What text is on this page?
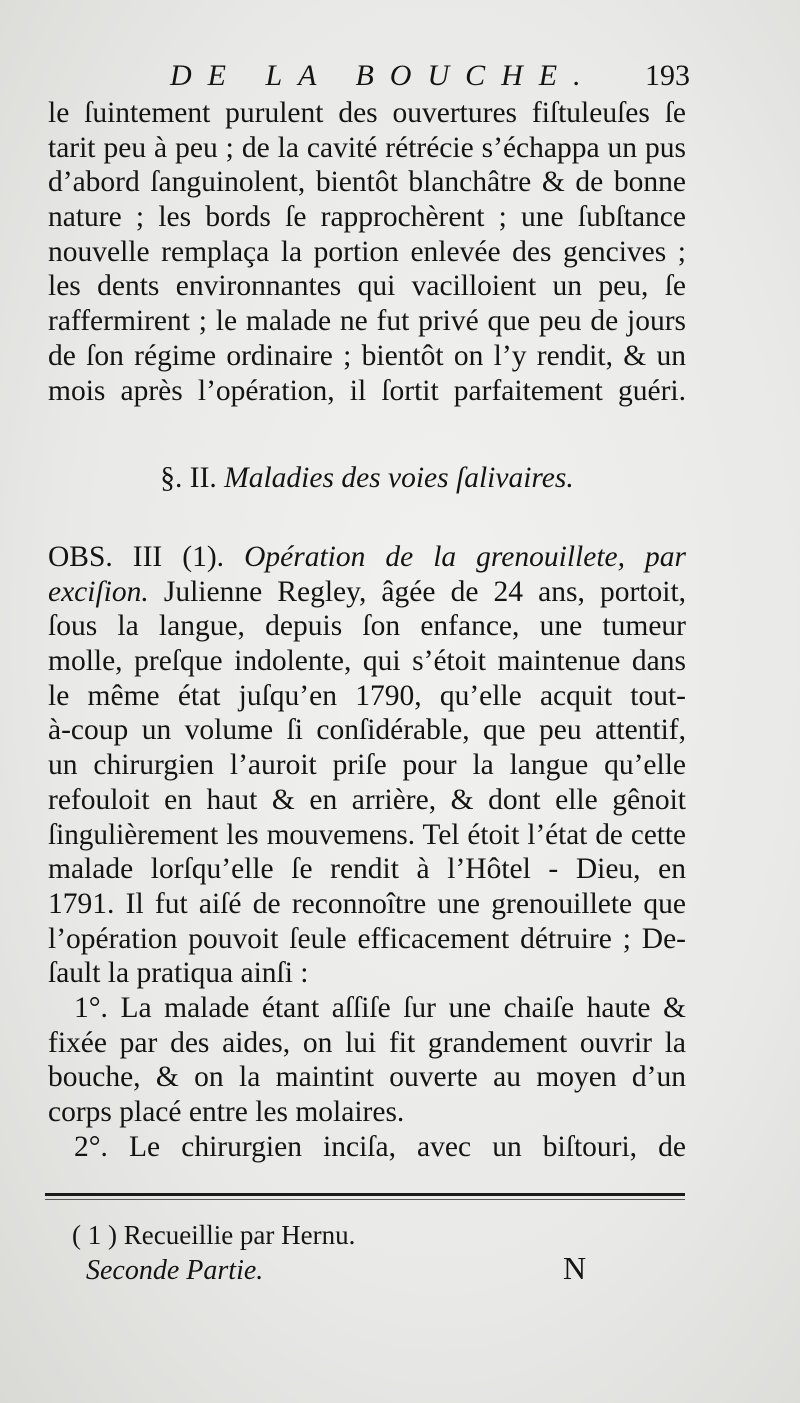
DE LA BOUCHE. 193
le ſuintement purulent des ouvertures fiſtuleuſes ſe
tarit peu à peu ; de la cavité rétrécie s’échappa un pus
d’abord ſanguinolent, bientôt blanchâtre & de bonne
nature ; les bords ſe rapprochèrent ; une ſubſtance
nouvelle remplaça la portion enlevée des gencives ;
les dents environnantes qui vacilloient un peu, ſe
raffermirent ; le malade ne fut privé que peu de jours
de ſon régime ordinaire ; bientôt on l’y rendit, & un
mois après l’opération, il ſortit parfaitement guéri.
§. II. Maladies des voies ſalivaires.
OBS. III (1). Opération de la grenouillete, par
exciſion. Julienne Regley, âgée de 24 ans, portoit,
ſous la langue, depuis ſon enfance, une tumeur
molle, preſque indolente, qui s’étoit maintenue dans
le même état juſqu’en 1790, qu’elle acquit tout-
à-coup un volume ſi conſidérable, que peu attentif,
un chirurgien l’auroit priſe pour la langue qu’elle
refouloit en haut & en arrière, & dont elle gênoit
ſingulièrement les mouvemens. Tel étoit l’état de cette
malade lorſqu’elle ſe rendit à l’Hôtel - Dieu, en
1791. Il fut aiſé de reconnoître une grenouillete que
l’opération pouvoit ſeule efficacement détruire ; De-
ſault la pratiqua ainſi :
1°. La malade étant aſſiſe ſur une chaiſe haute &
fixée par des aides, on lui fit grandement ouvrir la
bouche, & on la maintint ouverte au moyen d’un
corps placé entre les molaires.
2°. Le chirurgien inciſa, avec un biſtouri, de
( 1 ) Recueillie par Hernu.
Seconde Partie.	N
